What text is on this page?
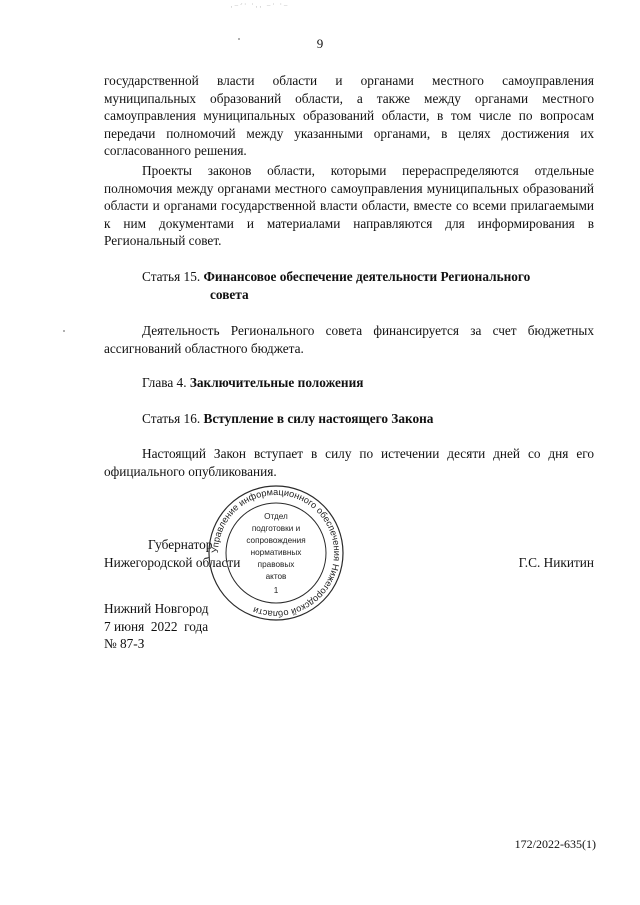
·⁻ˊ˙ ˙·· ⁻˙ ˙⁻
9

государственной власти области и органами местного самоуправления муниципальных образований области, а также между органами местного самоуправления муниципальных образований области, в том числе по вопросам передачи полномочий между указанными органами, в целях достижения их согласованного решения.

Проекты законов области, которыми перераспределяются отдельные полномочия между органами местного самоуправления муниципальных образований области и органами государственной власти области, вместе со всеми прилагаемыми к ним документами и материалами направляются для информирования в Региональный совет.

Статья 15. Финансовое обеспечение деятельности Регионального
совета

Деятельность Регионального совета финансируется за счет бюджетных ассигнований областного бюджета.

Глава 4. Заключительные положения
Статья 16. Вступление в силу настоящего Закона

Настоящий Закон вступает в силу по истечении десяти дней со дня его официального опубликования.

Губернатор
Нижегородской области	Г.С. Никитин
Управление информационного обеспечения Нижегородской области
Отдел
подготовки и
сопровождения
нормативных
правовых
актов
1
Нижний Новгород
7 июня  2022  года
№ 87-З
172/2022-635(1)
